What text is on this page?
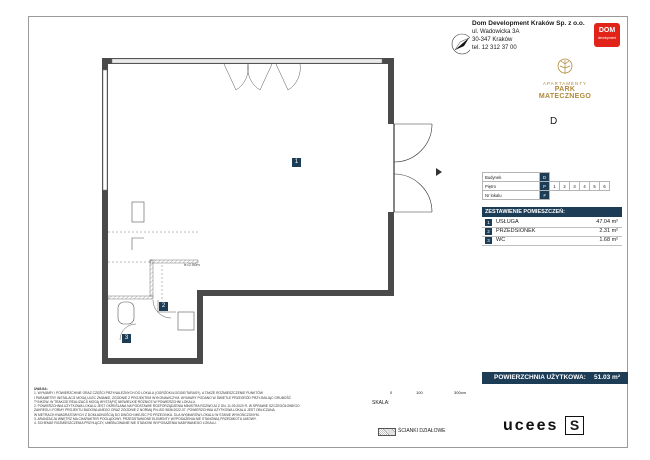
1
2
3
h=2.00m
D
Dom Development Kraków Sp. z o.o.
ul. Wadowicka 3A
30-347 Kraków
tel. 12 312 37 00
DOM
development
APARTAMENTY
PARK MATECZNEGO
Budynek	D						
Piętro	P	1	2	3	4	5	6
Nr lokalu	#						
ZESTAWIENIE POMIESZCZEŃ:
1	USŁUGA	47.04 m²
2	PRZEDSIONEK	2.31 m²
3	WC	1.68 m²
POWIERZCHNIA UŻYTKOWA: 51.03 m²
UWAGA:
1. WYMIARY I POWIERZCHNIE ORAZ CZĘŚCI PRZYNALEŻNYCH DO LOKALU (OGRÓDKI/LOGGIE/TARASY), A TAKŻE ROZMIESZCZENIE PUNKTÓW
I PARAMETRY INSTALACJI MOGĄ ULEC ZMIANIE, ZGODNIE Z PROJEKTEM WYKONAWCZYM. WYMIARY PODANO W ŚWIETLE PRZEGRÓD PRZYJMUJĄC GRUBOŚĆ
TYNKÓW. W TRAKCIE REALIZACJI MOGĄ WYSTĄPIĆ NIEWIELKIE RÓŻNICE W POWIERZCHNI LOKALU.
2. POWIERZCHNIA UŻYTKOWA LOKALU JEST OKREŚLANA NA PODSTAWIE ROZPORZĄDZENIA MINISTRA ROZWOJU Z DN. 11.09.2020 R. W SPRAWIE SZCZEGÓŁOWEGO
ZAKRESU I FORMY PROJEKTU BUDOWLANEGO ORAZ ZGODNIE Z NORMĄ PN-ISO 9836:2022-07. POWIERZCHNIA UŻYTKOWA LOKALU JEST OBLICZANA
W METRACH KWADRATOWYCH Z DOKŁADNOŚCIĄ DO DWÓCH MIEJSC PO PRZECINKU. DLA WYMIARÓW LOKALU W STANIE WYKOŃCZONYM.
3. ARANŻACJA WNĘTRZ MA CHARAKTER POGLĄDOWY. PRZEDSTAWIONE ELEMENTY WYPOSAŻENIA NIE STANOWIĄ PRZEDMIOTU UMOWY.
4. SCHEMAT ROZMIESZCZENIA PRZYŁĄCZY, UMEBLOWANIE NIE STANOWI WYPOSAŻENIA NABYWANEGO LOKALU.
SKALA:
0	100	300cm
ŚCIANKI DZIAŁOWE	ucees S
